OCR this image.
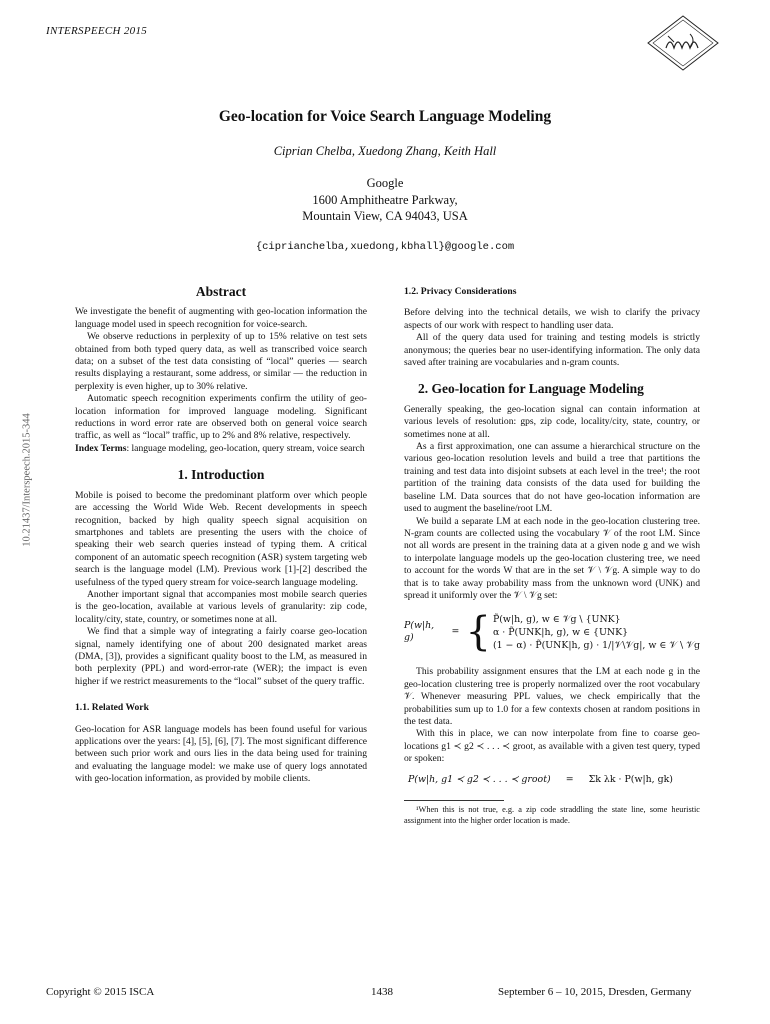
INTERSPEECH 2015
Geo-location for Voice Search Language Modeling
Ciprian Chelba, Xuedong Zhang, Keith Hall
Google
1600 Amphitheatre Parkway,
Mountain View, CA 94043, USA
{ciprianchelba,xuedong,kbhall}@google.com
10.21437/Interspeech.2015-344
Abstract

We investigate the benefit of augmenting with geo-location information the language model used in speech recognition for voice-search.

We observe reductions in perplexity of up to 15% relative on test sets obtained from both typed query data, as well as transcribed voice search data; on a subset of the test data consisting of “local” queries — search results displaying a restaurant, some address, or similar — the reduction in perplexity is even higher, up to 30% relative.

Automatic speech recognition experiments confirm the utility of geo-location information for improved language modeling. Significant reductions in word error rate are observed both on general voice search traffic, as well as “local” traffic, up to 2% and 8% relative, respectively.

Index Terms: language modeling, geo-location, query stream, voice search

1. Introduction

Mobile is poised to become the predominant platform over which people are accessing the World Wide Web. Recent developments in speech recognition, backed by high quality speech signal acquisition on smartphones and tablets are presenting the users with the choice of speaking their web search queries instead of typing them. A critical component of an automatic speech recognition (ASR) system targeting web search is the language model (LM). Previous work [1]-[2] described the usefulness of the typed query stream for voice-search language modeling.

Another important signal that accompanies most mobile search queries is the geo-location, available at various levels of granularity: zip code, locality/city, state, country, or sometimes none at all.

We find that a simple way of integrating a fairly coarse geo-location signal, namely identifying one of about 200 designated market areas (DMA, [3]), provides a significant quality boost to the LM, as measured in both perplexity (PPL) and word-error-rate (WER); the impact is even higher if we restrict measurements to the “local” subset of the query traffic.

1.1. Related Work

Geo-location for ASR language models has been found useful for various applications over the years: [4], [5], [6], [7]. The most significant difference between such prior work and ours lies in the data being used for training and evaluating the language model: we make use of query logs annotated with geo-location information, as provided by mobile clients.

1.2. Privacy Considerations

Before delving into the technical details, we wish to clarify the privacy aspects of our work with respect to handling user data.

All of the query data used for training and testing models is strictly anonymous; the queries bear no user-identifying information. The only data saved after training are vocabularies and n-gram counts.

2. Geo-location for Language Modeling

Generally speaking, the geo-location signal can contain information at various levels of resolution: gps, zip code, locality/city, state, country, or sometimes none at all.

As a first approximation, one can assume a hierarchical structure on the various geo-location resolution levels and build a tree that partitions the training and test data into disjoint subsets at each level in the tree¹; the root partition of the training data consists of the data used for building the baseline LM. Data sources that do not have geo-location information are used to augment the baseline/root LM.

We build a separate LM at each node in the geo-location clustering tree. N-gram counts are collected using the vocabulary 𝒱 of the root LM. Since not all words are present in the training data at a given node g and we wish to interpolate language models up the geo-location clustering tree, we need to account for the words W that are in the set 𝒱 \ 𝒱g. A simple way to do that is to take away probability mass from the unknown word (UNK) and spread it uniformly over the 𝒱 \ 𝒱g set:

P(w|h, g)
= { P̃(w|h, g), w ∈ 𝒱g \ {UNK}
α · P̃(UNK|h, g), w ∈ {UNK}
(1 − α) · P̃(UNK|h, g) · 1/|𝒱\𝒱g|, w ∈ 𝒱 \ 𝒱g

This probability assignment ensures that the LM at each node g in the geo-location clustering tree is properly normalized over the root vocabulary 𝒱. Whenever measuring PPL values, we check empirically that the probabilities sum up to 1.0 for a few contexts chosen at random positions in the test data.

With this in place, we can now interpolate from fine to coarse geo-locations g1 ≺ g2 ≺ . . . ≺ groot, as available with a given test query, typed or spoken:

P(w|h, g1 ≺ g2 ≺ . . . ≺ groot)	=	Σk λk · P(w|h, gk)

¹When this is not true, e.g. a zip code straddling the state line, some heuristic assignment into the higher order location is made.

Copyright © 2015 ISCA	1438	September 6 – 10, 2015, Dresden, Germany
